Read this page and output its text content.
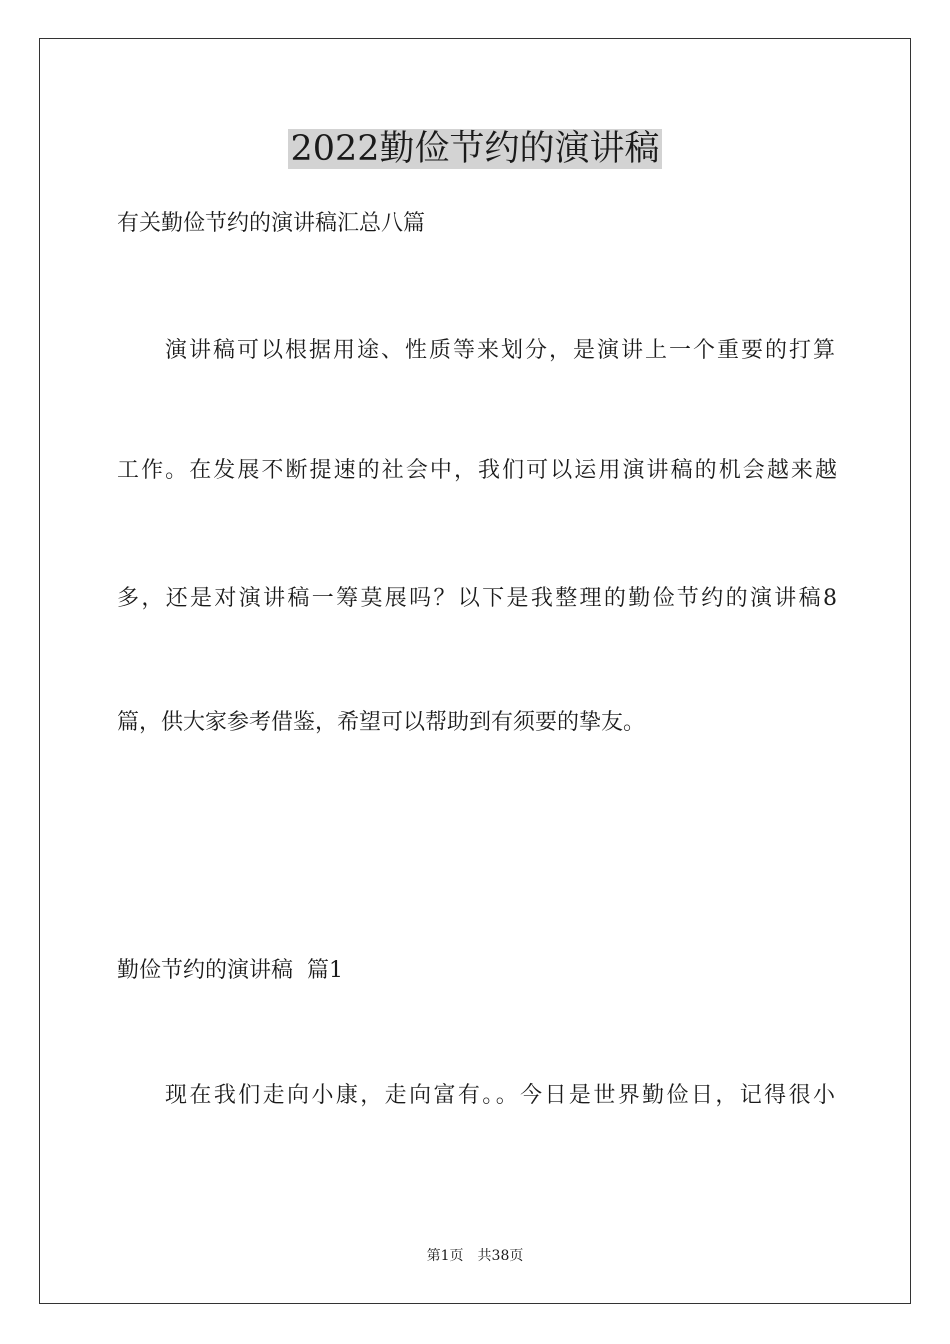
2022勤俭节约的演讲稿

有关勤俭节约的演讲稿汇总八篇

演讲稿可以根据用途、性质等来划分，是演讲上一个重要的打算

工作。在发展不断提速的社会中，我们可以运用演讲稿的机会越来越

多，还是对演讲稿一筹莫展吗？以下是我整理的勤俭节约的演讲稿8

篇，供大家参考借鉴，希望可以帮助到有须要的挚友。

勤俭节约的演讲稿  篇1

现在我们走向小康，走向富有。。今日是世界勤俭日，记得很小

第1页 共38页
